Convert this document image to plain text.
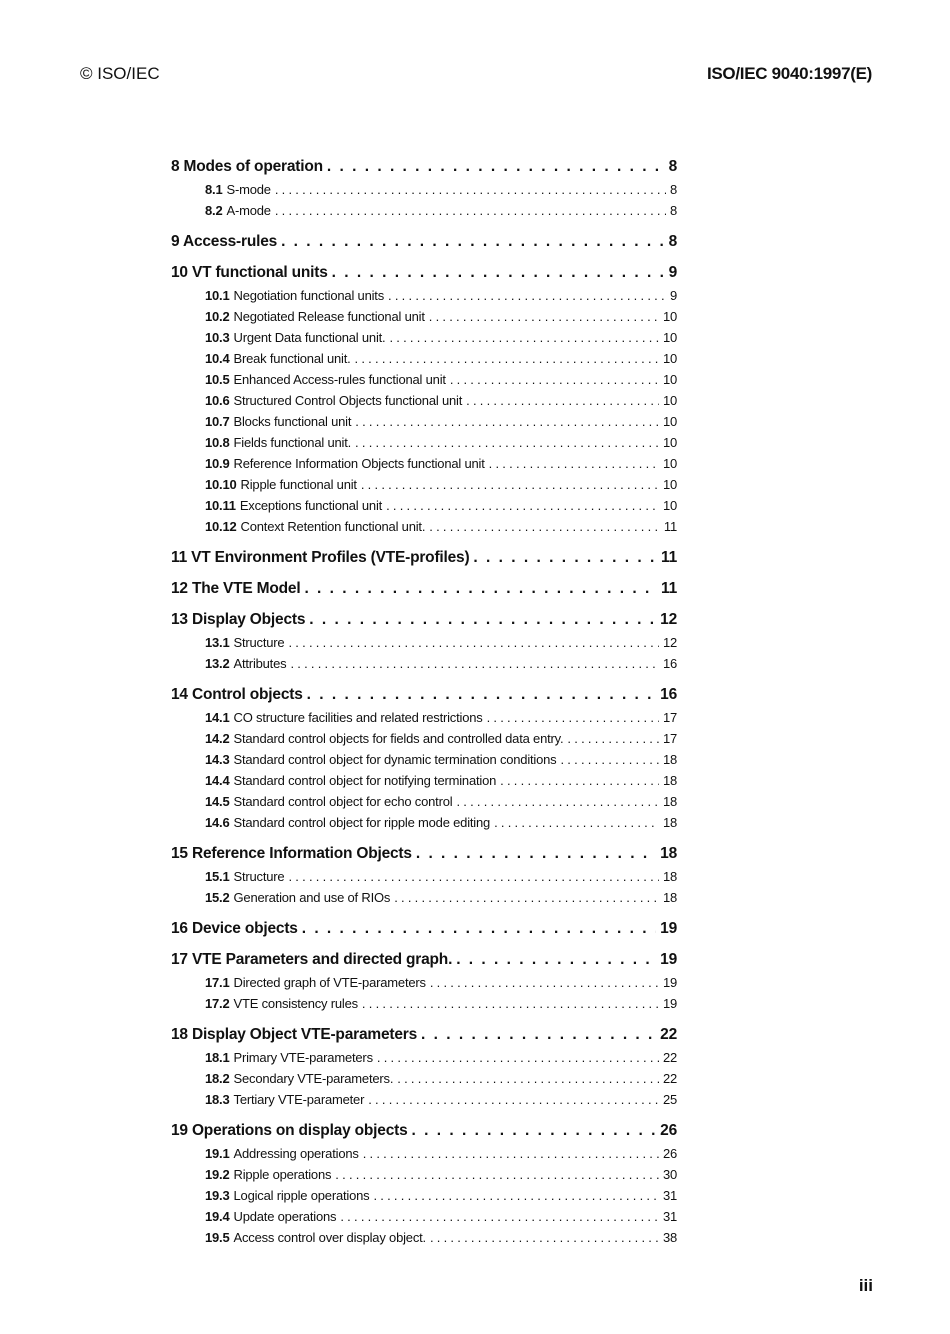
© ISO/IEC	ISO/IEC 9040:1997(E)
8 Modes of operation . . .	8
8.1 S-mode . . .	8
8.2 A-mode . . .	8
9 Access-rules . . .	8
10 VT functional units . . .	9
10.1 Negotiation functional units . . .	9
10.2 Negotiated Release functional unit . . .	10
10.3 Urgent Data functional unit. . . .	10
10.4 Break functional unit. . . .	10
10.5 Enhanced Access-rules functional unit . . .	10
10.6 Structured Control Objects functional unit . . .	10
10.7 Blocks functional unit . . .	10
10.8 Fields functional unit. . . .	10
10.9 Reference Information Objects functional unit . . .	10
10.10 Ripple functional unit . . .	10
10.11 Exceptions functional unit . . .	10
10.12 Context Retention functional unit. . . .	11
11 VT Environment Profiles (VTE-profiles) . . .	11
12 The VTE Model . . .	11
13 Display Objects . . .	12
13.1 Structure . . .	12
13.2 Attributes . . .	16
14 Control objects . . .	16
14.1 CO structure facilities and related restrictions . . .	17
14.2 Standard control objects for fields and controlled data entry. . . .	17
14.3 Standard control object for dynamic termination conditions . . .	18
14.4 Standard control object for notifying termination . . .	18
14.5 Standard control object for echo control . . .	18
14.6 Standard control object for ripple mode editing . . .	18
15 Reference Information Objects . . .	18
15.1 Structure . . .	18
15.2 Generation and use of RIOs . . .	18
16 Device objects . . .	19
17 VTE Parameters and directed graph. . . .	19
17.1 Directed graph of VTE-parameters . . .	19
17.2 VTE consistency rules . . .	19
18 Display Object VTE-parameters . . .	22
18.1 Primary VTE-parameters . . .	22
18.2 Secondary VTE-parameters. . . .	22
18.3 Tertiary VTE-parameter . . .	25
19 Operations on display objects . . .	26
19.1 Addressing operations . . .	26
19.2 Ripple operations . . .	30
19.3 Logical ripple operations . . .	31
19.4 Update operations . . .	31
19.5 Access control over display object. . . .	38
iii
